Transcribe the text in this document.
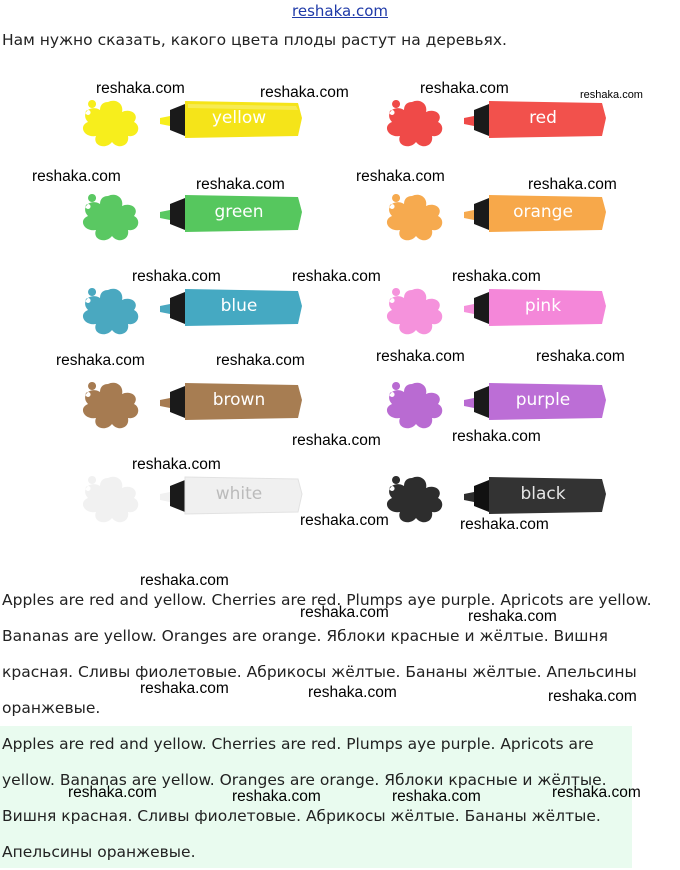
reshaka.com
Нам нужно сказать, какого цвета плоды растут на деревьях.
yellow	red
green	orange
blue	pink
brown	purple
white	black
Apples are red and yellow. Cherries are red. Plumps aye purple. Apricots are yellow. Bananas are yellow. Oranges are orange. Яблоки красные и жёлтые. Вишня красная. Сливы фиолетовые. Абрикосы жёлтые. Бананы жёлтые. Апельсины оранжевые.
Apples are red and yellow. Cherries are red. Plumps aye purple. Apricots are yellow. Bananas are yellow. Oranges are orange. Яблоки красные и жёлтые. Вишня красная. Сливы фиолетовые. Абрикосы жёлтые. Бананы жёлтые. Апельсины оранжевые.
reshaka.com	reshaka.com	reshaka.com	reshaka.com
reshaka.com	reshaka.com	reshaka.com	reshaka.com
reshaka.com	reshaka.com	reshaka.com
reshaka.com	reshaka.com	reshaka.com	reshaka.com
reshaka.com	reshaka.com
reshaka.com
reshaka.com	reshaka.com
reshaka.com
reshaka.com	reshaka.com
reshaka.com	reshaka.com	reshaka.com
reshaka.com	reshaka.com	reshaka.com	reshaka.com
